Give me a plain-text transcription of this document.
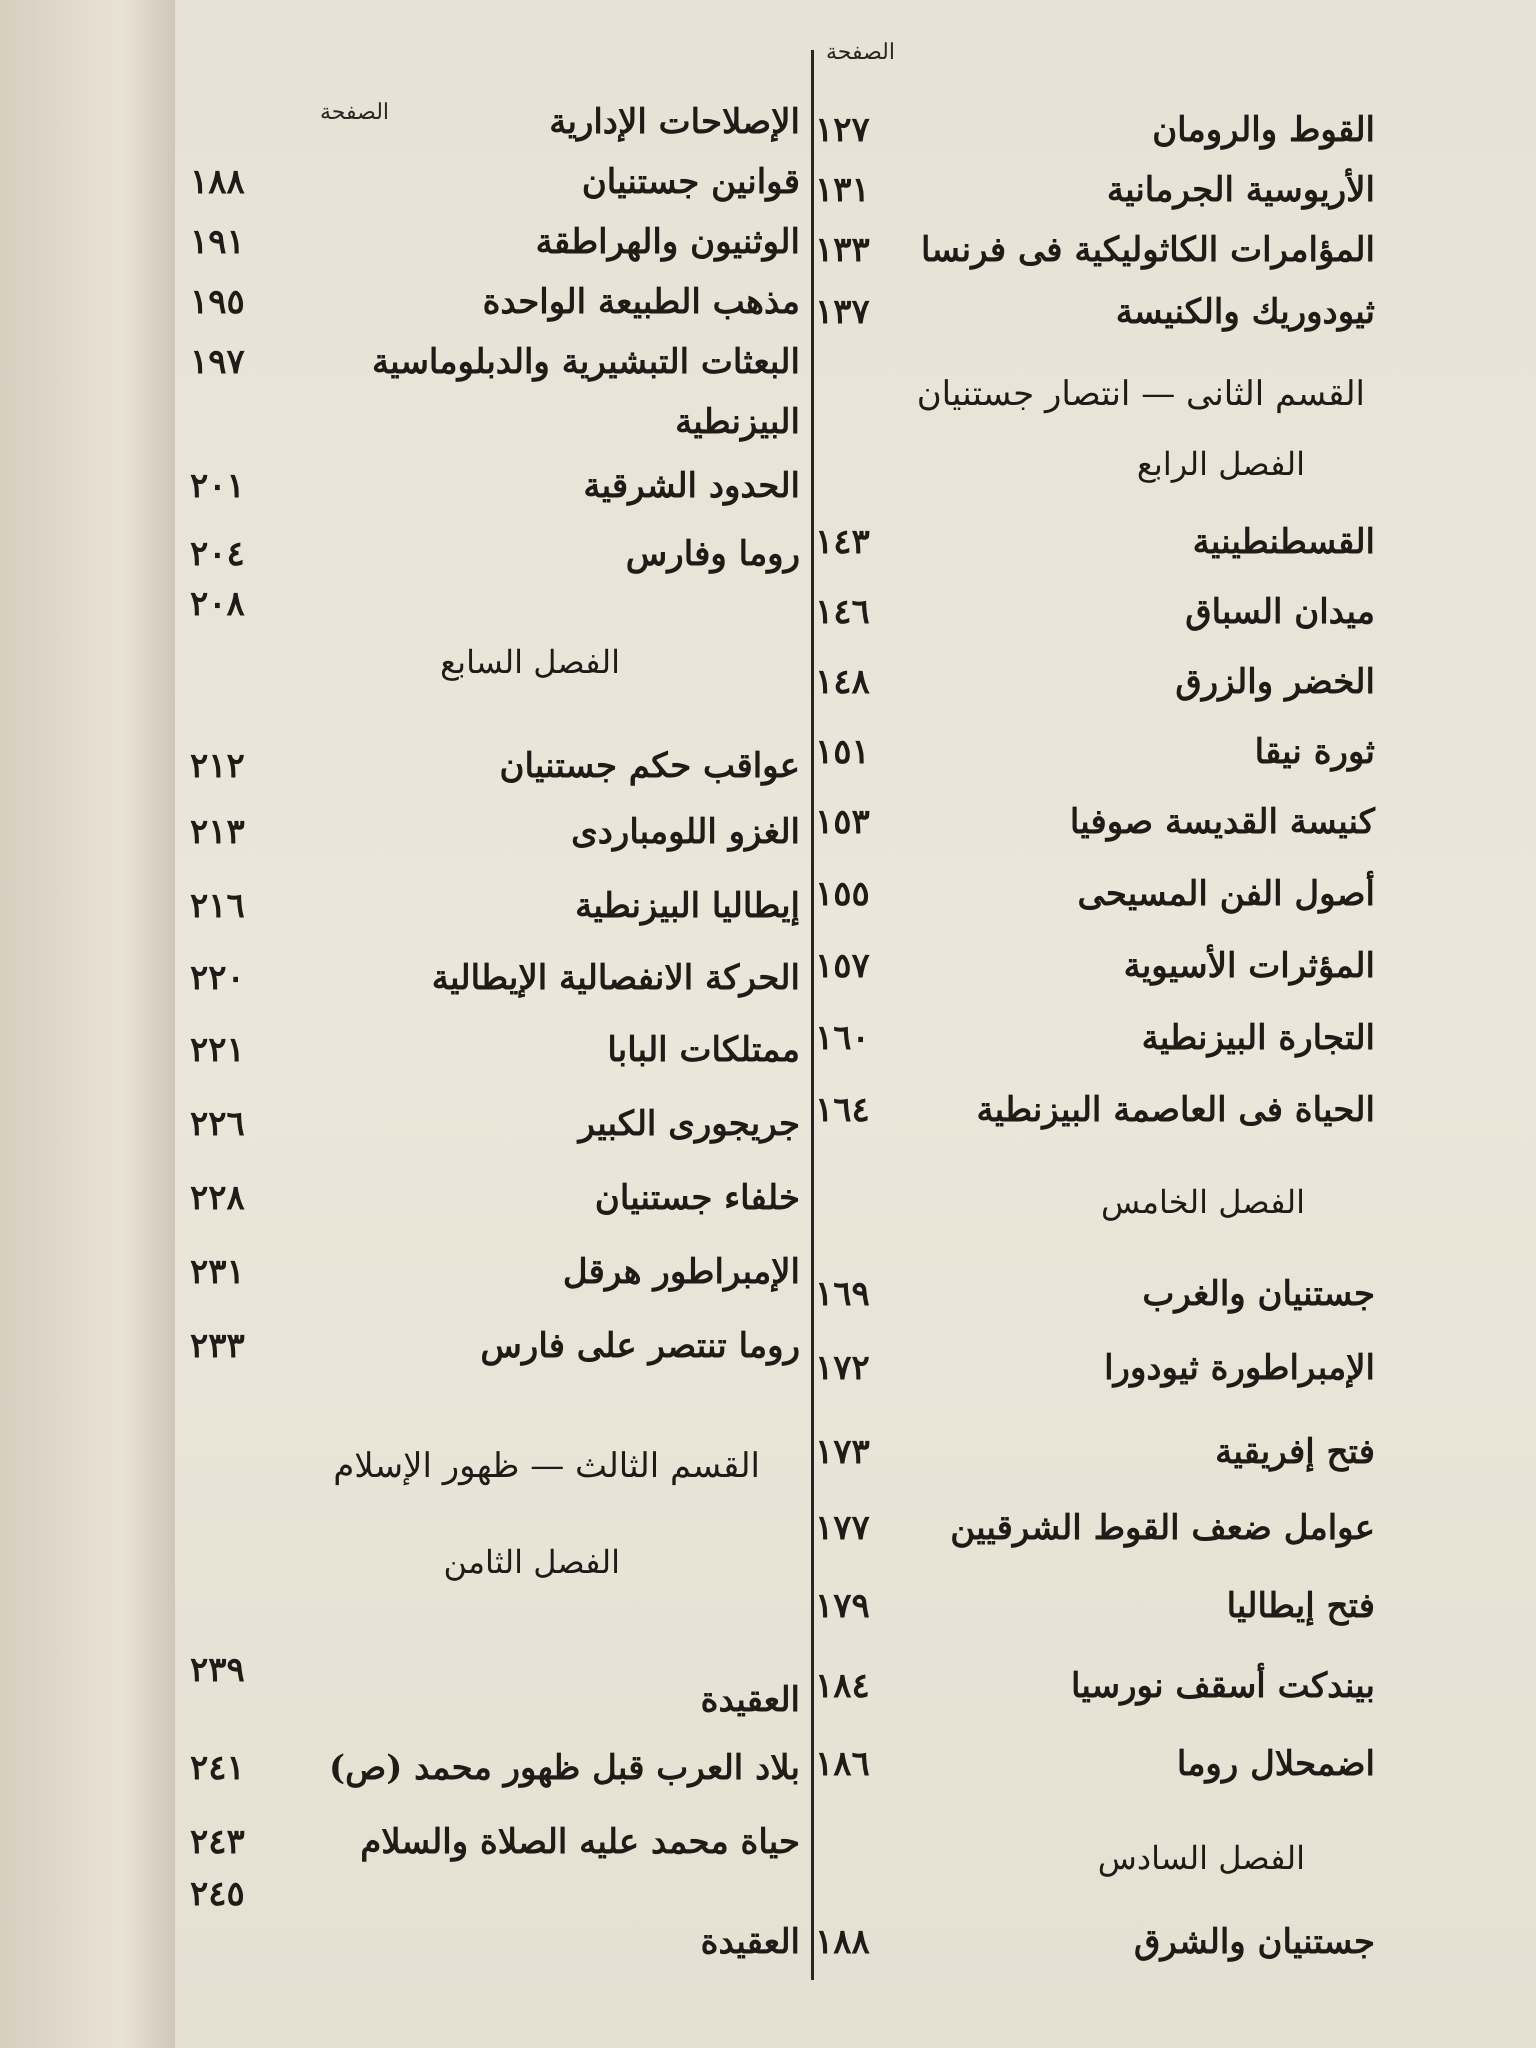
الصفحة
القوط والرومان
١٢٧
الأريوسية الجرمانية
١٣١
المؤامرات الكاثوليكية فى فرنسا
١٣٣
ثيودوريك والكنيسة
١٣٧
القسم الثانى — انتصار جستنيان
الفصل الرابع
القسطنطينية
١٤٣
ميدان السباق
١٤٦
الخضر والزرق
١٤٨
ثورة نيقا
١٥١
كنيسة القديسة صوفيا
١٥٣
أصول الفن المسيحى
١٥٥
المؤثرات الأسيوية
١٥٧
التجارة البيزنطية
١٦٠
الحياة فى العاصمة البيزنطية
١٦٤
الفصل الخامس
جستنيان والغرب
١٦٩
الإمبراطورة ثيودورا
١٧٢
فتح إفريقية
١٧٣
عوامل ضعف القوط الشرقيين
١٧٧
فتح إيطاليا
١٧٩
بيندكت أسقف نورسيا
١٨٤
اضمحلال روما
١٨٦
الفصل السادس
جستنيان والشرق
١٨٨
الصفحة	الإصلاحات الإدارية
قوانين جستنيان
١٨٨
الوثنيون والهراطقة
١٩١
مذهب الطبيعة الواحدة
١٩٥
البعثات التبشيرية والدبلوماسية
١٩٧
البيزنطية
الحدود الشرقية
٢٠١
روما وفارس
٢٠٤
٢٠٨
الفصل السابع
عواقب حكم جستنيان
٢١٢
الغزو اللومباردى
٢١٣
إيطاليا البيزنطية
٢١٦
الحركة الانفصالية الإيطالية
٢٢٠
ممتلكات البابا
٢٢١
جريجورى الكبير
٢٢٦
خلفاء جستنيان
٢٢٨
الإمبراطور هرقل
٢٣١
روما تنتصر على فارس
٢٣٣
القسم الثالث — ظهور الإسلام
الفصل الثامن
٢٣٩
العقيدة
بلاد العرب قبل ظهور محمد (ص)
٢٤١
حياة محمد عليه الصلاة والسلام
٢٤٣
٢٤٥
العقيدة
